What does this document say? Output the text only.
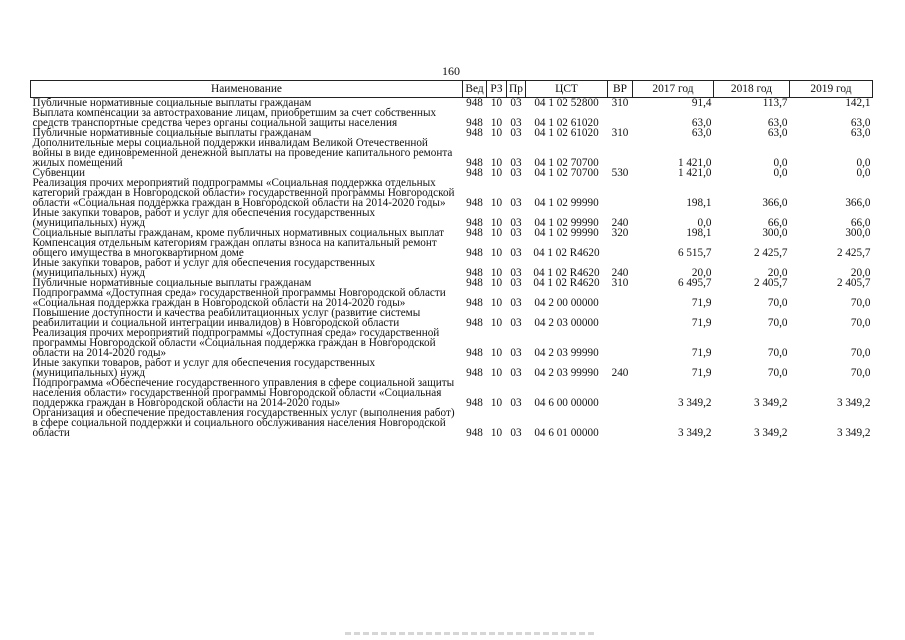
160
Наименование	Вед	РЗ	Пр	ЦСТ	ВР	2017 год	2018 год	2019 год
Публичные нормативные социальные выплаты гражданам	948	10	03	04 1 02 52800	310	91,4	113,7	142,1
Выплата компенсации за автострахование лицам, приобретшим за счет собственных средств транспортные средства через органы социальной защиты населения	948	10	03	04 1 02 61020		63,0	63,0	63,0
Публичные нормативные социальные выплаты гражданам	948	10	03	04 1 02 61020	310	63,0	63,0	63,0
Дополнительные меры социальной поддержки инвалидам Великой Отечественной войны в виде единовременной денежной выплаты на проведение капитального ремонта жилых помещений	948	10	03	04 1 02 70700		1 421,0	0,0	0,0
Субвенции	948	10	03	04 1 02 70700	530	1 421,0	0,0	0,0
Реализация прочих мероприятий подпрограммы «Социальная поддержка отдельных категорий граждан в Новгородской области» государственной программы Новгородской области «Социальная поддержка граждан в Новгородской области на 2014-2020 годы»	948	10	03	04 1 02 99990		198,1	366,0	366,0
Иные закупки товаров, работ и услуг для обеспечения государственных (муниципальных) нужд	948	10	03	04 1 02 99990	240	0,0	66,0	66,0
Социальные выплаты гражданам, кроме публичных нормативных социальных выплат	948	10	03	04 1 02 99990	320	198,1	300,0	300,0
Компенсация отдельным категориям граждан оплаты взноса на капитальный ремонт общего имущества в многоквартирном доме	948	10	03	04 1 02 R4620		6 515,7	2 425,7	2 425,7
Иные закупки товаров, работ и услуг для обеспечения государственных (муниципальных) нужд	948	10	03	04 1 02 R4620	240	20,0	20,0	20,0
Публичные нормативные социальные выплаты гражданам	948	10	03	04 1 02 R4620	310	6 495,7	2 405,7	2 405,7
Подпрограмма «Доступная среда» государственной программы Новгородской области «Социальная поддержка граждан в Новгородской области на 2014-2020 годы»	948	10	03	04 2 00 00000		71,9	70,0	70,0
Повышение доступности и качества реабилитационных услуг (развитие системы реабилитации и социальной интеграции инвалидов) в Новгородской области	948	10	03	04 2 03 00000		71,9	70,0	70,0
Реализация прочих мероприятий подпрограммы «Доступная среда» государственной программы Новгородской области «Социальная поддержка граждан в Новгородской области на 2014-2020 годы»	948	10	03	04 2 03 99990		71,9	70,0	70,0
Иные закупки товаров, работ и услуг для обеспечения государственных (муниципальных) нужд	948	10	03	04 2 03 99990	240	71,9	70,0	70,0
Подпрограмма «Обеспечение государственного управления в сфере социальной защиты населения области» государственной программы Новгородской области «Социальная поддержка граждан в Новгородской области на 2014-2020 годы»	948	10	03	04 6 00 00000		3 349,2	3 349,2	3 349,2
Организация и обеспечение предоставления государственных услуг (выполнения работ) в сфере социальной поддержки и социального обслуживания населения Новгородской области	948	10	03	04 6 01 00000		3 349,2	3 349,2	3 349,2
